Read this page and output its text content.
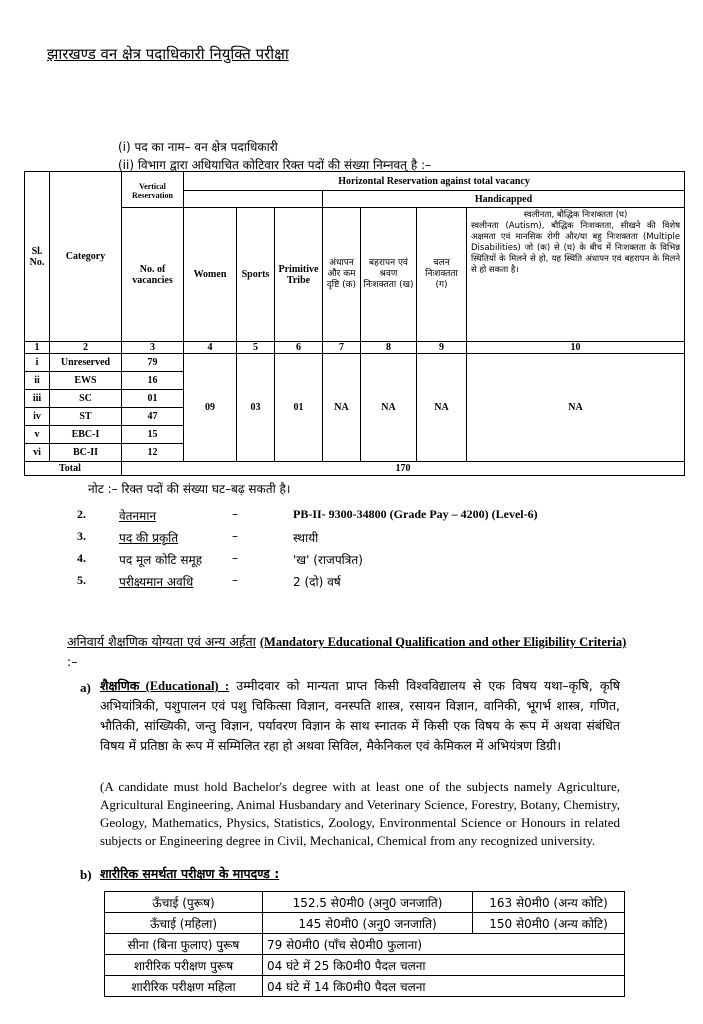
झारखण्ड वन क्षेत्र पदाधिकारी नियुक्ति परीक्षा
(i) पद का नाम– वन क्षेत्र पदाधिकारी
(ii) विभाग द्वारा अधियाचित कोटिवार रिक्त पदों की संख्या निम्नवत् है :–
Sl. No.	Category	Vertical Reservation	Horizontal Reservation against total vacancy						
						Handicapped			
		No. of vacancies	Women	Sports	Primitive Tribe	अंधापन और कम दृष्टि (क)	बहरापन एवं श्रवण निःशक्तता (ख)	चलन निःशक्तता (ग)	स्वलीनता, बौद्धिक निःशक्तता (घ)
स्वलीनता (Autism), बौद्धिक निःशक्तता, सीखने की विशेष अक्षमता एवं मानसिक रोगी और/या बहु निःशक्तता (Multiple Disabilities) जो (क) से (घ) के बीच में निःशक्तता के विभिन्न स्थितियों के मिलने से हो, यह स्थिति अंधापन एवं बहरापन के मिलने से हो सकता है।

1	2	3	4	5	6	7	8	9	10
i	Unreserved	79	09	03	01	NA	NA	NA	NA
ii	EWS	16							
iii	SC	01							
iv	ST	47							
v	EBC-I	15							
vi	BC-II	12							
Total		170							
नोट :– रिक्त पदों की संख्या घट–बढ़ सकती है।
2.	वेतनमान	–	PB-II- 9300-34800 (Grade Pay – 4200) (Level-6)
3.	पद की प्रकृति	–	स्थायी
4.	पद मूल कोटि समूह –	'ख' (राजपत्रित)
5.	परीक्ष्यमान अवधि	–	2 (दो) वर्ष
अनिवार्य शैक्षणिक योग्यता एवं अन्य अर्हता (Mandatory Educational Qualification and other Eligibility Criteria) :–
a) शैक्षणिक (Educational) : उम्मीदवार को मान्यता प्राप्त किसी विश्वविद्यालय से एक विषय यथा–कृषि, कृषि अभियांत्रिकी, पशुपालन एवं पशु चिकित्सा विज्ञान, वनस्पति शास्त्र, रसायन विज्ञान, वानिकी, भूगर्भ शास्त्र, गणित, भौतिकी, सांख्यिकी, जन्तु विज्ञान, पर्यावरण विज्ञान के साथ स्नातक में किसी एक विषय के रूप में अथवा संबंधित विषय में प्रतिष्ठा के रूप में सम्मिलित रहा हो अथवा सिविल, मैकेनिकल एवं केमिकल में अभियंत्रण डिग्री।
(A candidate must hold Bachelor's degree with at least one of the subjects namely Agriculture, Agricultural Engineering, Animal Husbandary and Veterinary Science, Forestry, Botany, Chemistry, Geology, Mathematics, Physics, Statistics, Zoology, Environmental Science or Honours in related subjects or Engineering degree in Civil, Mechanical, Chemical from any recognized university.
b) शारीरिक समर्थता परीक्षण के मापदण्ड :
ऊँचाई (पुरूष)	152.5 से0मी0 (अनु0 जनजाति)	163 से0मी0 (अन्य कोटि)
ऊँचाई (महिला)	145 से0मी0 (अनु0 जनजाति)	150 से0मी0 (अन्य कोटि)
सीना (बिना फुलाए) पुरूष	79 से0मी0 (पाँच से0मी0 फुलाना)	
शारीरिक परीक्षण पुरूष	04 घंटे में 25 कि0मी0 पैदल चलना	
शारीरिक परीक्षण महिला	04 घंटे में 14 कि0मी0 पैदल चलना	
